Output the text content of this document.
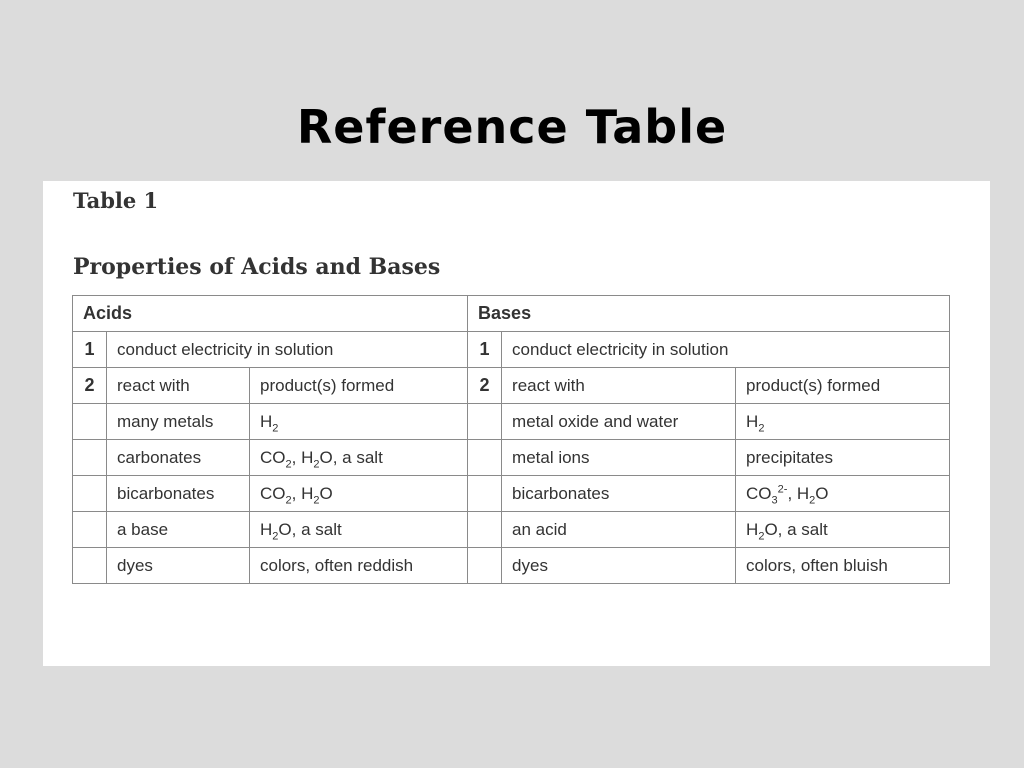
Reference Table
Table 1
Properties of Acids and Bases
Acids			Bases		
1	conduct electricity in solution		1	conduct electricity in solution	
2	react with	product(s) formed	2	react with	product(s) formed
	many metals	$H_2$		metal oxide and water	$H_2$
	carbonates	$CO_2$, $H_2O$, a salt		metal ions	precipitates
	bicarbonates	$CO_2$, $H_2O$		bicarbonates	$CO_3^{2-}$, $H_2O$
	a base	$H_2O$, a salt		an acid	$H_2O$, a salt
	dyes	colors, often reddish		dyes	colors, often bluish
